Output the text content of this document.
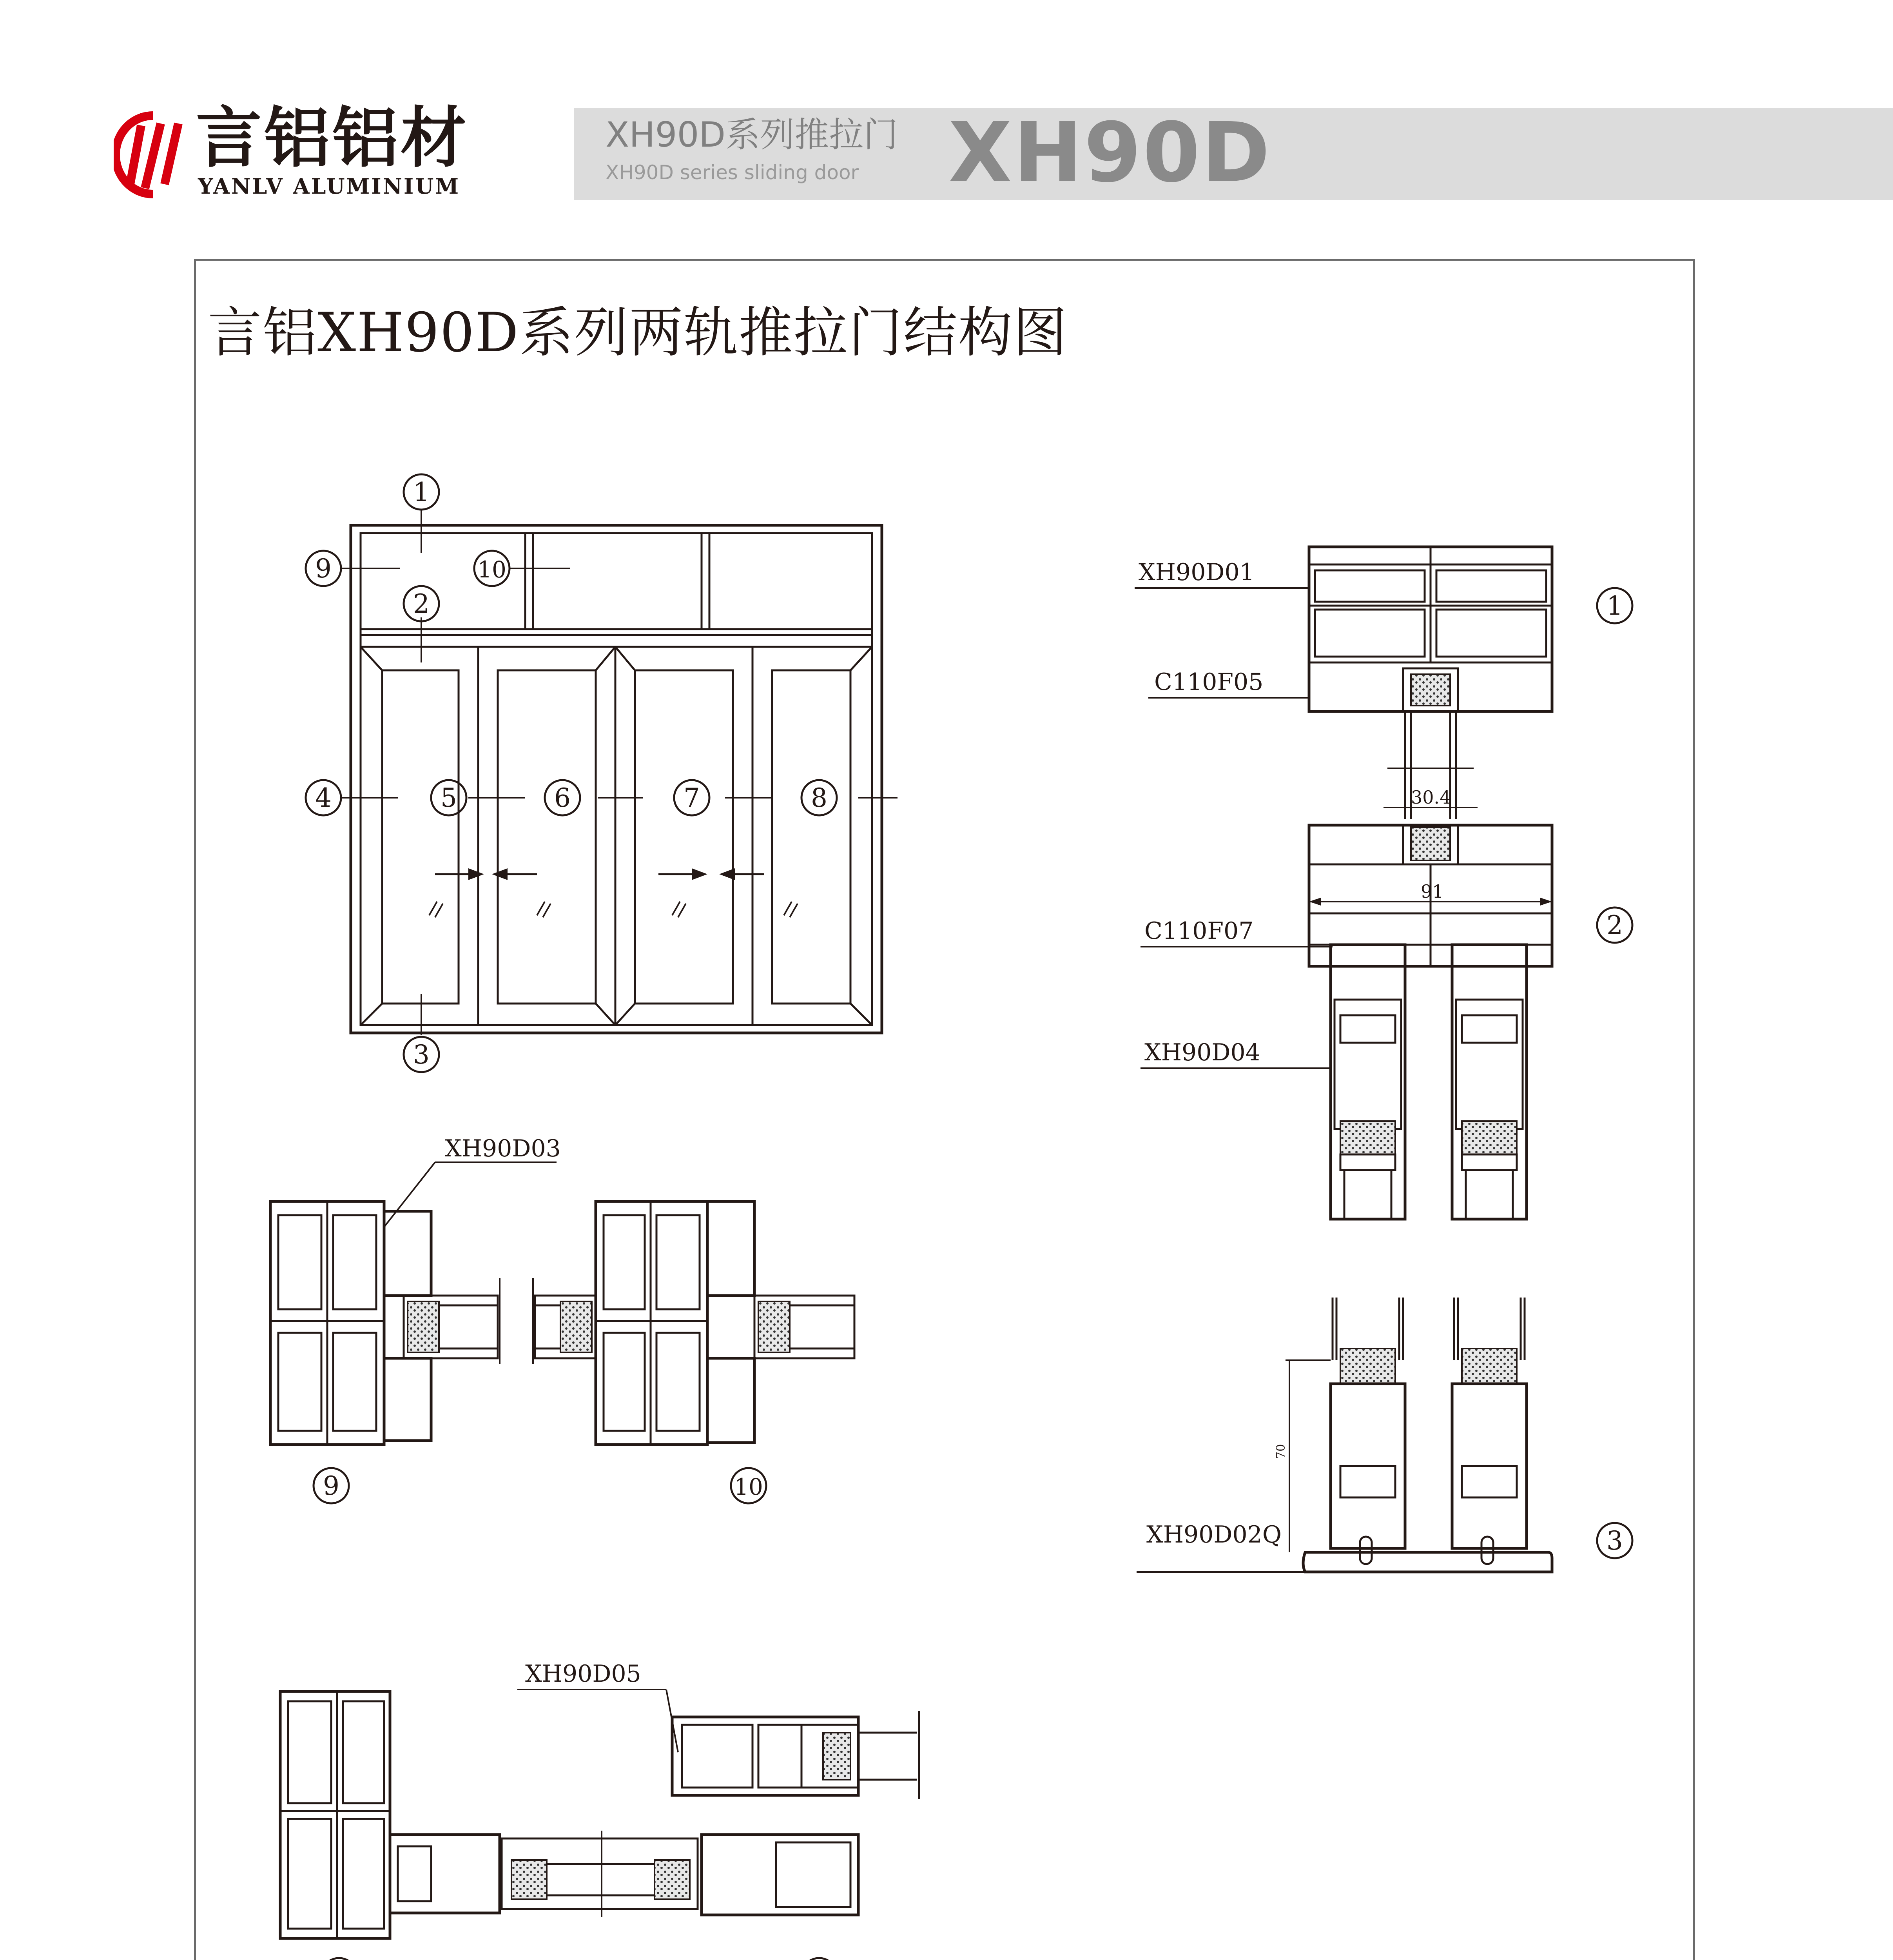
言铝铝材
YANLV ALUMINIUM
XH90D系列推拉门
XH90D series sliding door XH90D
言铝XH90D系列两轨推拉门结构图
1
9	10
2
4	5	6	7	8
3
1
2
3
9	10
XH90D01
C110F05
C110F07
XH90D04
XH90D02Q
XH90D03
XH90D05
30.4
91
70
